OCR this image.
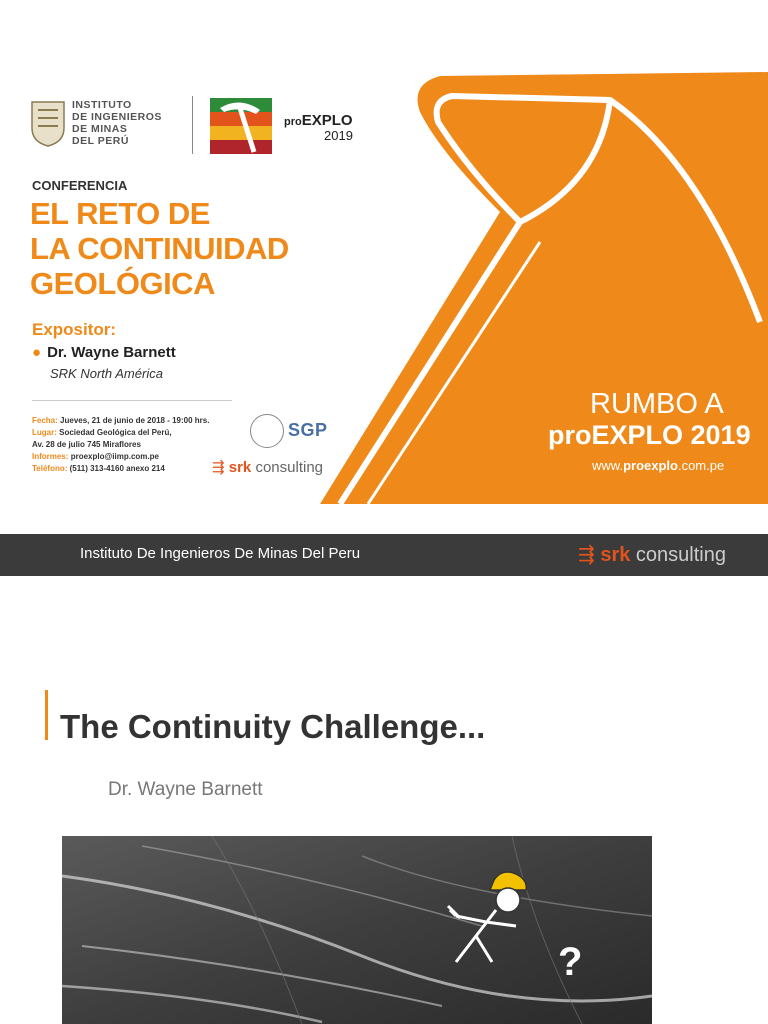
INSTITUTO
DE INGENIEROS
DE MINAS
DEL PERÚ
proEXPLO
2019
CONFERENCIA
EL RETO DE
LA CONTINUIDAD
GEOLÓGICA
Expositor:
● Dr. Wayne Barnett
SRK North América
Fecha: Jueves, 21 de junio de 2018 - 19:00 hrs.
Lugar: Sociedad Geológica del Perú,
Av. 28 de julio 745 Miraflores
Informes: proexplo@iimp.com.pe
Teléfono: (511) 313-4160 anexo 214
SGP
⇶ srk consulting
RUMBO A
proEXPLO 2019
www.proexplo.com.pe
Instituto De Ingenieros De Minas Del Peru	⇶ srk consulting
The Continuity Challenge...
Dr. Wayne Barnett
?
